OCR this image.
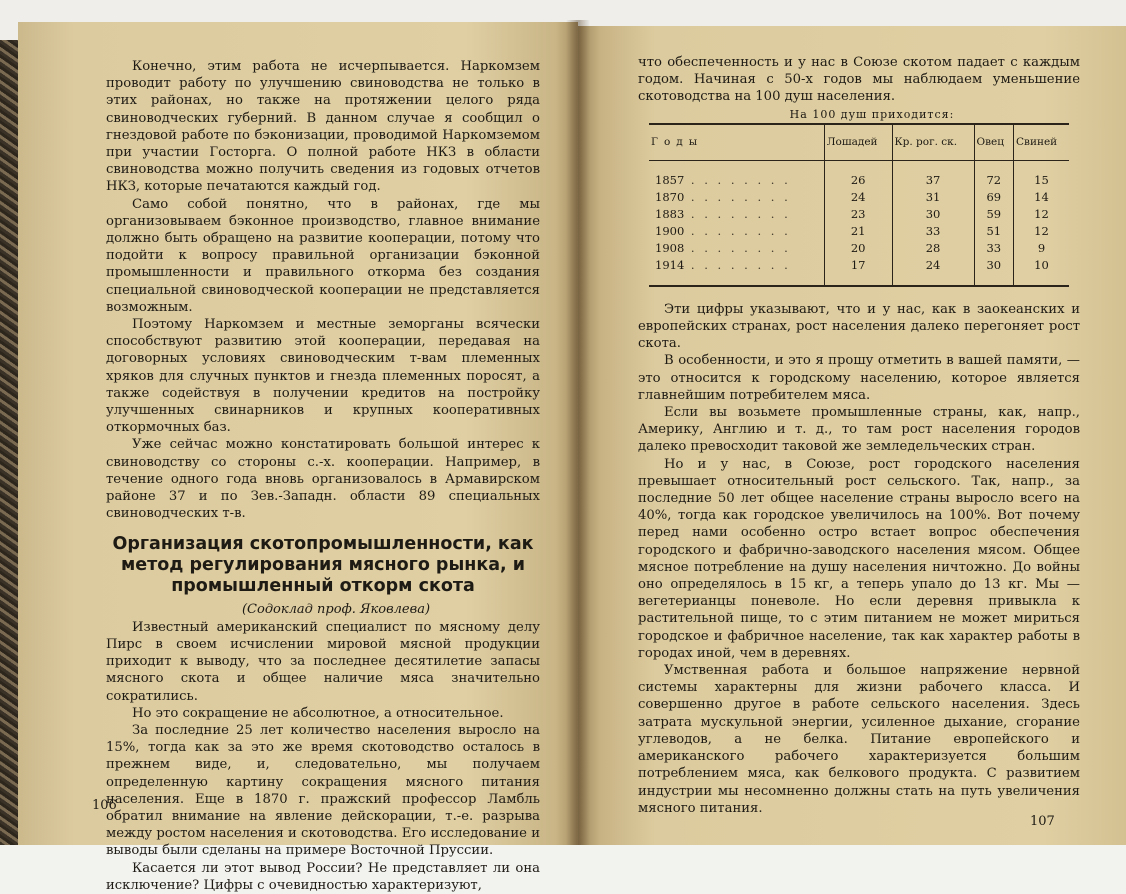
Конечно, этим работа не исчерпывается. Наркомзем проводит работу по улучшению свиноводства не только в этих районах, но также на протяжении целого ряда свиноводческих губерний. В данном случае я сообщил о гнездовой работе по бэконизации, проводимой Наркомземом при участии Госторга. О полной работе НКЗ в области свиноводства можно получить сведения из годовых отчетов НКЗ, которые печатаются каждый год.

Само собой понятно, что в районах, где мы организовываем бэконное производство, главное внимание должно быть обращено на развитие кооперации, потому что подойти к вопросу правильной организации бэконной промышленности и правильного откорма без создания специальной свиноводческой кооперации не представляется возможным.

Поэтому Наркомзем и местные земорганы всячески способствуют развитию этой кооперации, передавая на договорных условиях свиноводческим т-вам племенных хряков для случных пунктов и гнезда племенных поросят, а также содействуя в получении кредитов на постройку улучшенных свинарников и крупных кооперативных откормочных баз.

Уже сейчас можно констатировать большой интерес к свиноводству со стороны с.-х. кооперации. Например, в течение одного года вновь организовалось в Армавирском районе 37 и по Зев.-Западн. области 89 специальных свиноводческих т-в.

Организация скотопромышленности, как метод регулирования мясного рынка, и промышленный откорм скота

(Содоклад проф. Яковлева)

Известный американский специалист по мясному делу Пирс в своем исчислении мировой мясной продукции приходит к выводу, что за последнее десятилетие запасы мясного скота и общее наличие мяса значительно сократились.

Но это сокращение не абсолютное, а относительное.

За последние 25 лет количество населения выросло на 15%, тогда как за это же время скотоводство осталось в прежнем виде, и, следовательно, мы получаем определенную картину сокращения мясного питания населения. Еще в 1870 г. пражский профессор Ламбль обратил внимание на явление дейскорации, т.-е. разрыва между ростом населения и скотоводства. Его исследование и выводы были сделаны на примере Восточной Пруссии.

Касается ли этот вывод России? Не представляет ли она исключение? Цифры с очевидностью характеризуют,

106

что обеспеченность и у нас в Союзе скотом падает с каждым годом. Начиная с 50-х годов мы наблюдаем уменьшение скотоводства на 100 душ населения.

На 100 душ приходится:

Годы	Лошадей	Кр. рог. ск.	Овец	Свиней
1857 . . . . . . . .	26	37	72	15
1870 . . . . . . . .	24	31	69	14
1883 . . . . . . . .	23	30	59	12
1900 . . . . . . . .	21	33	51	12
1908 . . . . . . . .	20	28	33	9
1914 . . . . . . . .	17	24	30	10

Эти цифры указывают, что и у нас, как в заокеанских и европейских странах, рост населения далеко перегоняет рост скота.

В особенности, и это я прошу отметить в вашей памяти, — это относится к городскому населению, которое является главнейшим потребителем мяса.

Если вы возьмете промышленные страны, как, напр., Америку, Англию и т. д., то там рост населения городов далеко превосходит таковой же земледельческих стран.

Но и у нас, в Союзе, рост городского населения превышает относительный рост сельского. Так, напр., за последние 50 лет общее население страны выросло всего на 40%, тогда как городское увеличилось на 100%. Вот почему перед нами особенно остро встает вопрос обеспечения городского и фабрично-заводского населения мясом. Общее мясное потребление на душу населения ничтожно. До войны оно определялось в 15 кг, а теперь упало до 13 кг. Мы — вегетерианцы поневоле. Но если деревня привыкла к растительной пище, то с этим питанием не может мириться городское и фабричное население, так как характер работы в городах иной, чем в деревнях.

Умственная работа и большое напряжение нервной системы характерны для жизни рабочего класса. И совершенно другое в работе сельского населения. Здесь затрата мускульной энергии, усиленное дыхание, сгорание углеводов, а не белка. Питание европейского и американского рабочего характеризуется большим потреблением мяса, как белкового продукта. С развитием индустрии мы несомненно должны стать на путь увеличения мясного питания.

107
